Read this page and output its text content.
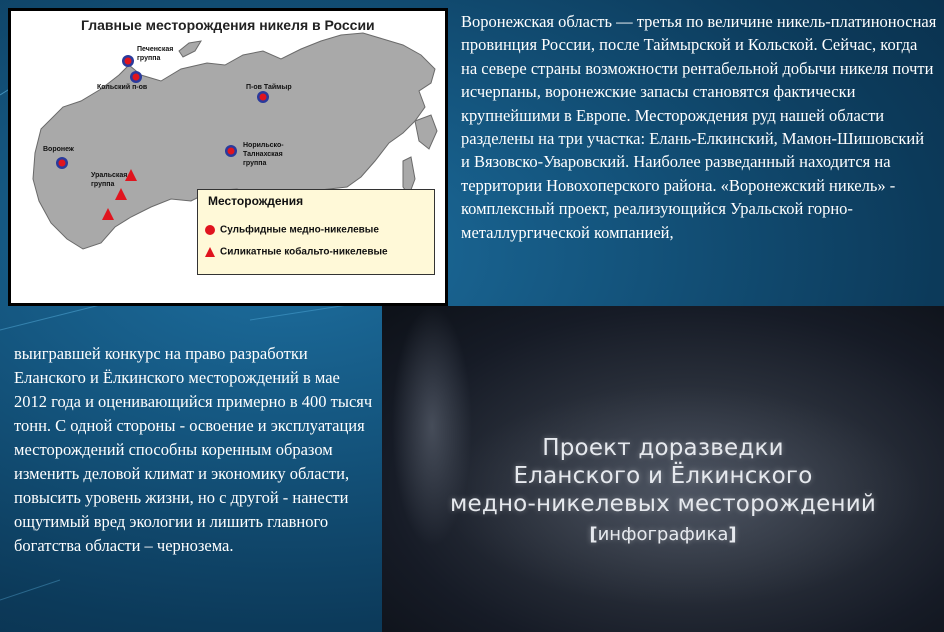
Главные месторождения никеля в России
Печенская
группа
Кольский п-ов	П-ов Таймыр
Норильско-
Талнахская
группа
Воронеж
Уральская
группа
Месторождения
Сульфидные медно-никелевые
Силикатные кобальто-никелевые
Воронежская область — третья по величине никель-платиноносная провинция России, после Таймырской и Кольской. Сейчас, когда на севере страны возможности рентабельной добычи никеля почти исчерпаны, воронежские запасы становятся фактически крупнейшими в Европе. Месторождения руд нашей области разделены на три участка: Елань-Елкинский, Мамон-Шишовский и Вязовско-Уваровский. Наиболее разведанный находится на территории Новохоперского района. «Воронежский никель» - комплексный проект, реализующийся Уральской горно-металлургической компанией,
выигравшей конкурс на право разработки Еланского и Ёлкинского месторождений в мае 2012 года и оценивающийся примерно в 400 тысяч тонн. С одной стороны - освоение и эксплуатация месторождений способны коренным образом изменить деловой климат и экономику области, повысить уровень жизни, но с другой - нанести ощутимый вред экологии и лишить главного богатства области – чернозема.
Проект доразведки
Еланского и Ёлкинского
медно-никелевых месторождений
[инфографика]
